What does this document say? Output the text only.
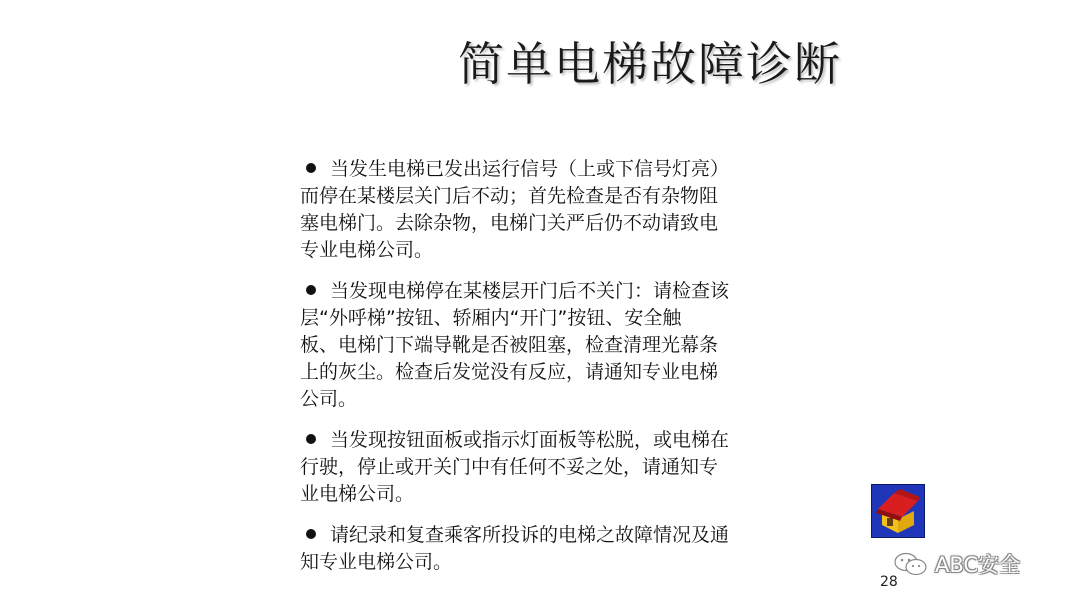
简单电梯故障诊断
当发生电梯已发出运行信号（上或下信号灯亮）
而停在某楼层关门后不动；首先检查是否有杂物阻
塞电梯门。去除杂物，电梯门关严后仍不动请致电
专业电梯公司。
当发现电梯停在某楼层开门后不关门：请检查该
层“外呼梯”按钮、轿厢内“开门”按钮、安全触
板、电梯门下端导靴是否被阻塞，检查清理光幕条
上的灰尘。检查后发觉没有反应，请通知专业电梯
公司。
当发现按钮面板或指示灯面板等松脱，或电梯在
行驶，停止或开关门中有任何不妥之处，请通知专
业电梯公司。
请纪录和复查乘客所投诉的电梯之故障情况及通
知专业电梯公司。	ABC安全
28
